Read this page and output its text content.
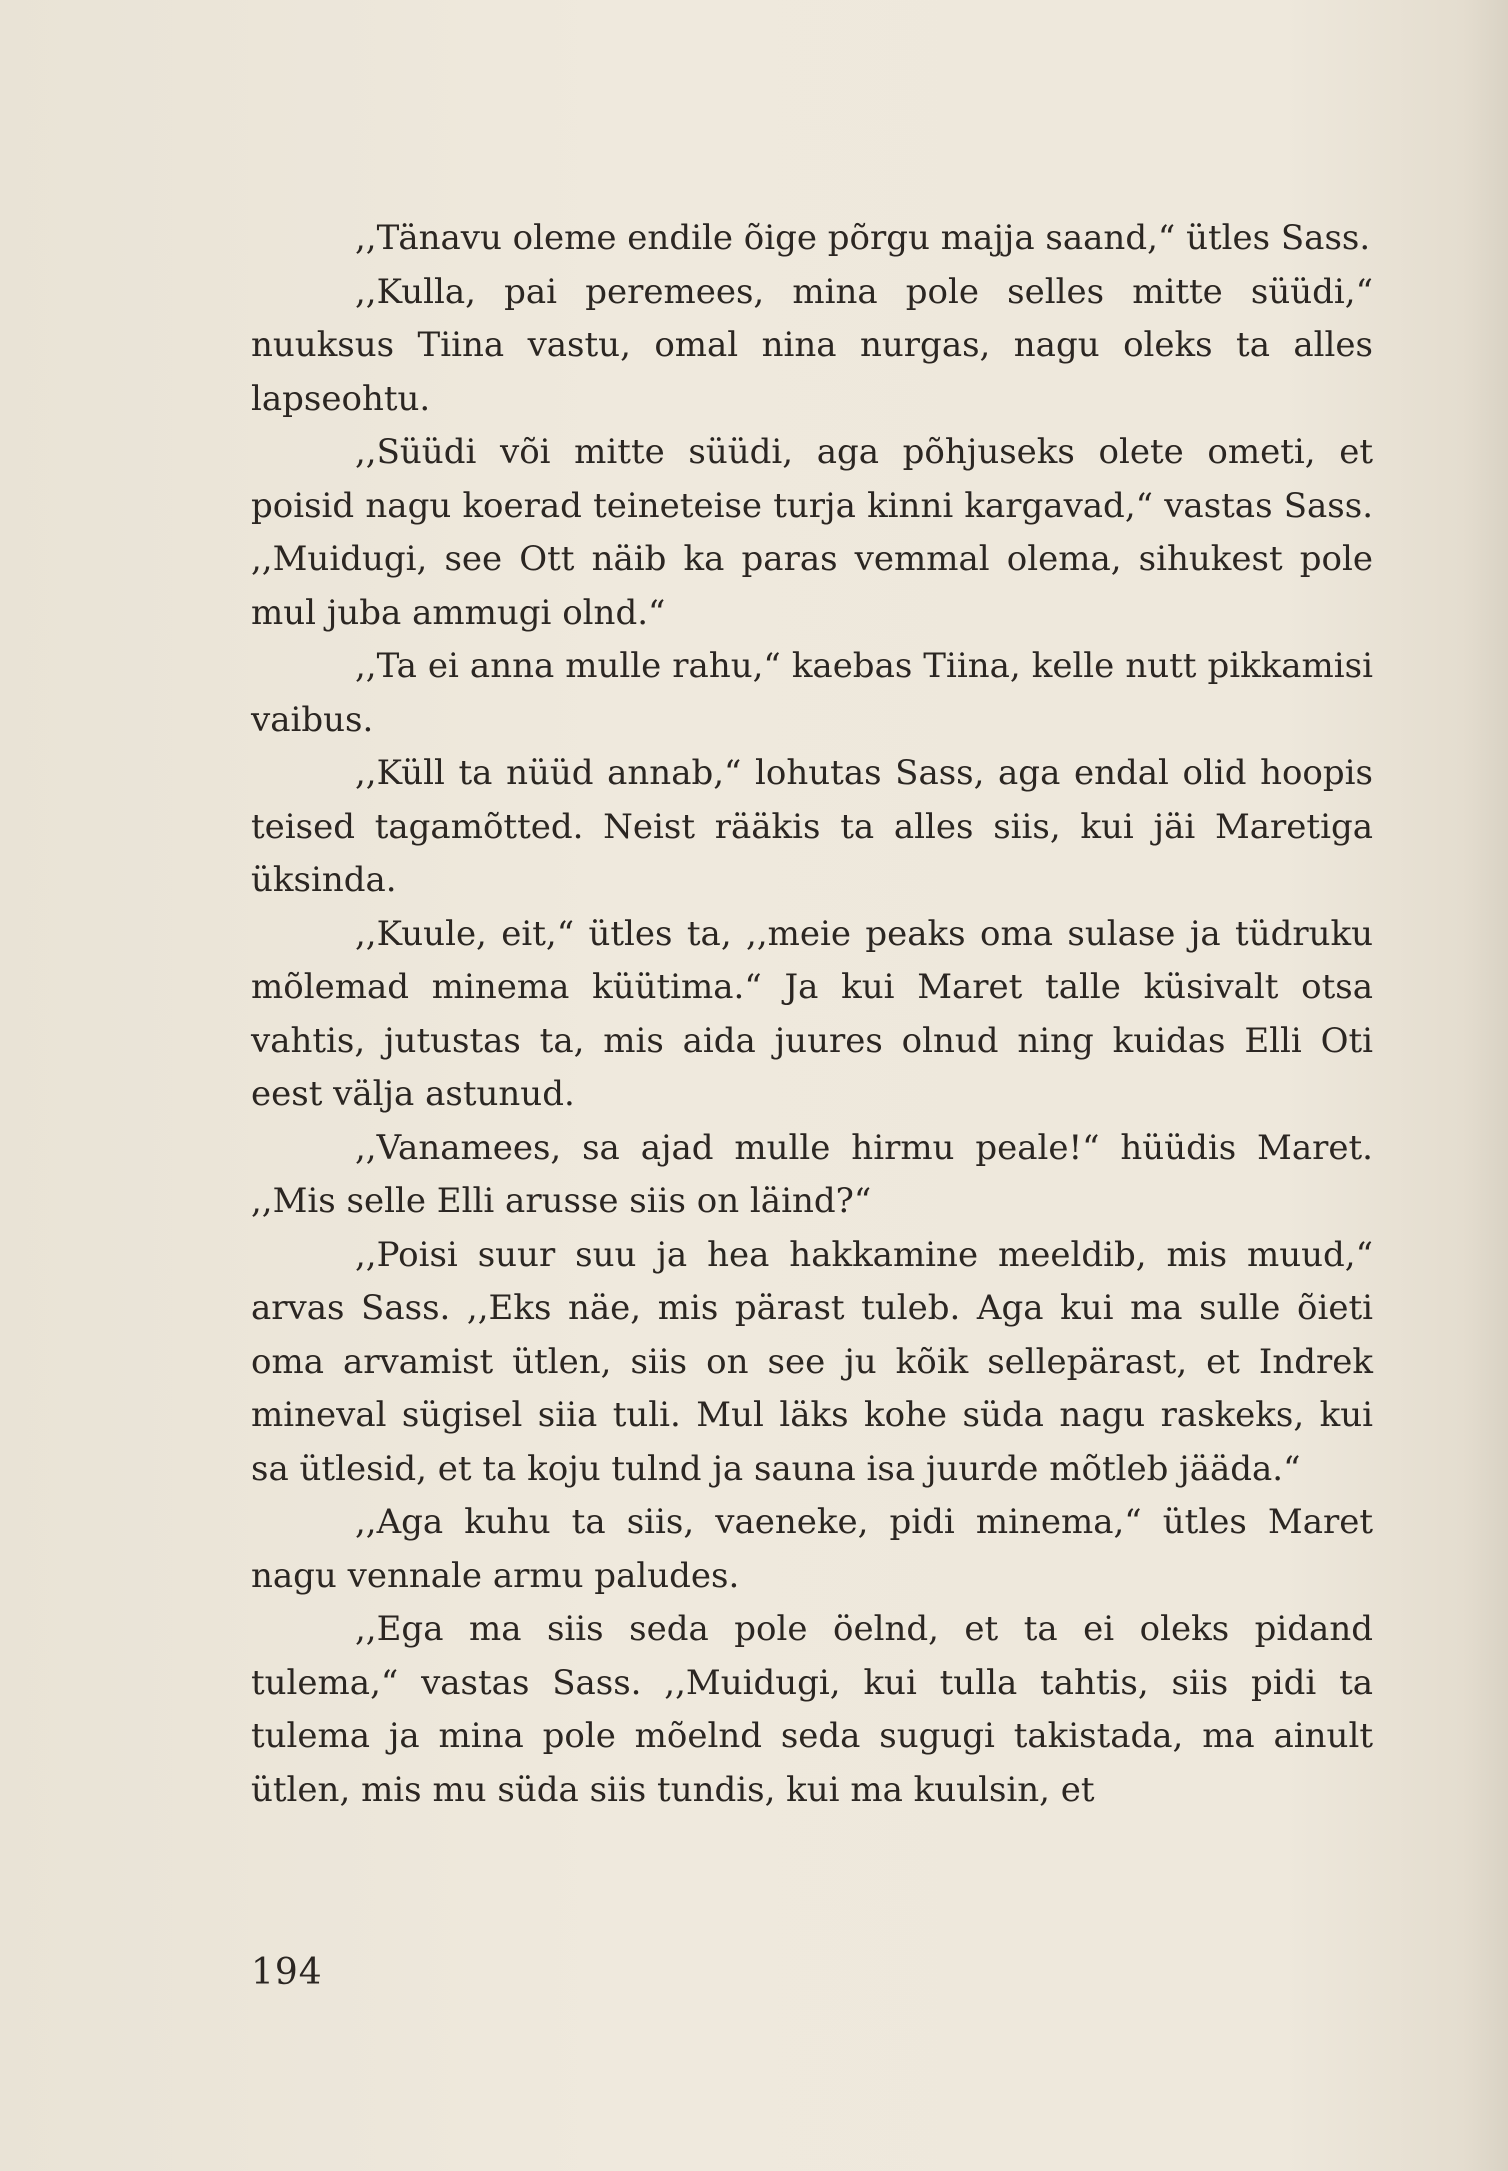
,,Tänavu oleme endile õige põrgu majja saand,“ ütles Sass.

,,Kulla, pai peremees, mina pole selles mitte süüdi,“ nuuksus Tiina vastu, omal nina nurgas, nagu oleks ta alles lapseohtu.

,,Süüdi või mitte süüdi, aga põhjuseks olete ometi, et poisid nagu koerad teineteise turja kinni kargavad,“ vastas Sass. ,,Muidugi, see Ott näib ka paras vemmal olema, sihukest pole mul juba ammugi olnd.“

,,Ta ei anna mulle rahu,“ kaebas Tiina, kelle nutt pikkamisi vaibus.

,,Küll ta nüüd annab,“ lohutas Sass, aga endal olid hoopis teised tagamõtted. Neist rääkis ta alles siis, kui jäi Maretiga üksinda.

,,Kuule, eit,“ ütles ta, ,,meie peaks oma sulase ja tüdruku mõlemad minema küütima.“ Ja kui Maret talle küsivalt otsa vahtis, jutustas ta, mis aida juures olnud ning kuidas Elli Oti eest välja astunud.

,,Vanamees, sa ajad mulle hirmu peale!“ hüüdis Maret. ,,Mis selle Elli arusse siis on läind?“

,,Poisi suur suu ja hea hakkamine meeldib, mis muud,“ arvas Sass. ,,Eks näe, mis pärast tuleb. Aga kui ma sulle õieti oma arvamist ütlen, siis on see ju kõik sellepärast, et Indrek mineval sügisel siia tuli. Mul läks kohe süda nagu raskeks, kui sa ütlesid, et ta koju tulnd ja sauna isa juurde mõtleb jääda.“

,,Aga kuhu ta siis, vaeneke, pidi minema,“ ütles Maret nagu vennale armu paludes.

,,Ega ma siis seda pole öelnd, et ta ei oleks pidand tulema,“ vastas Sass. ,,Muidugi, kui tulla tahtis, siis pidi ta tulema ja mina pole mõelnd seda sugugi takistada, ma ainult ütlen, mis mu süda siis tundis, kui ma kuulsin, et

194
